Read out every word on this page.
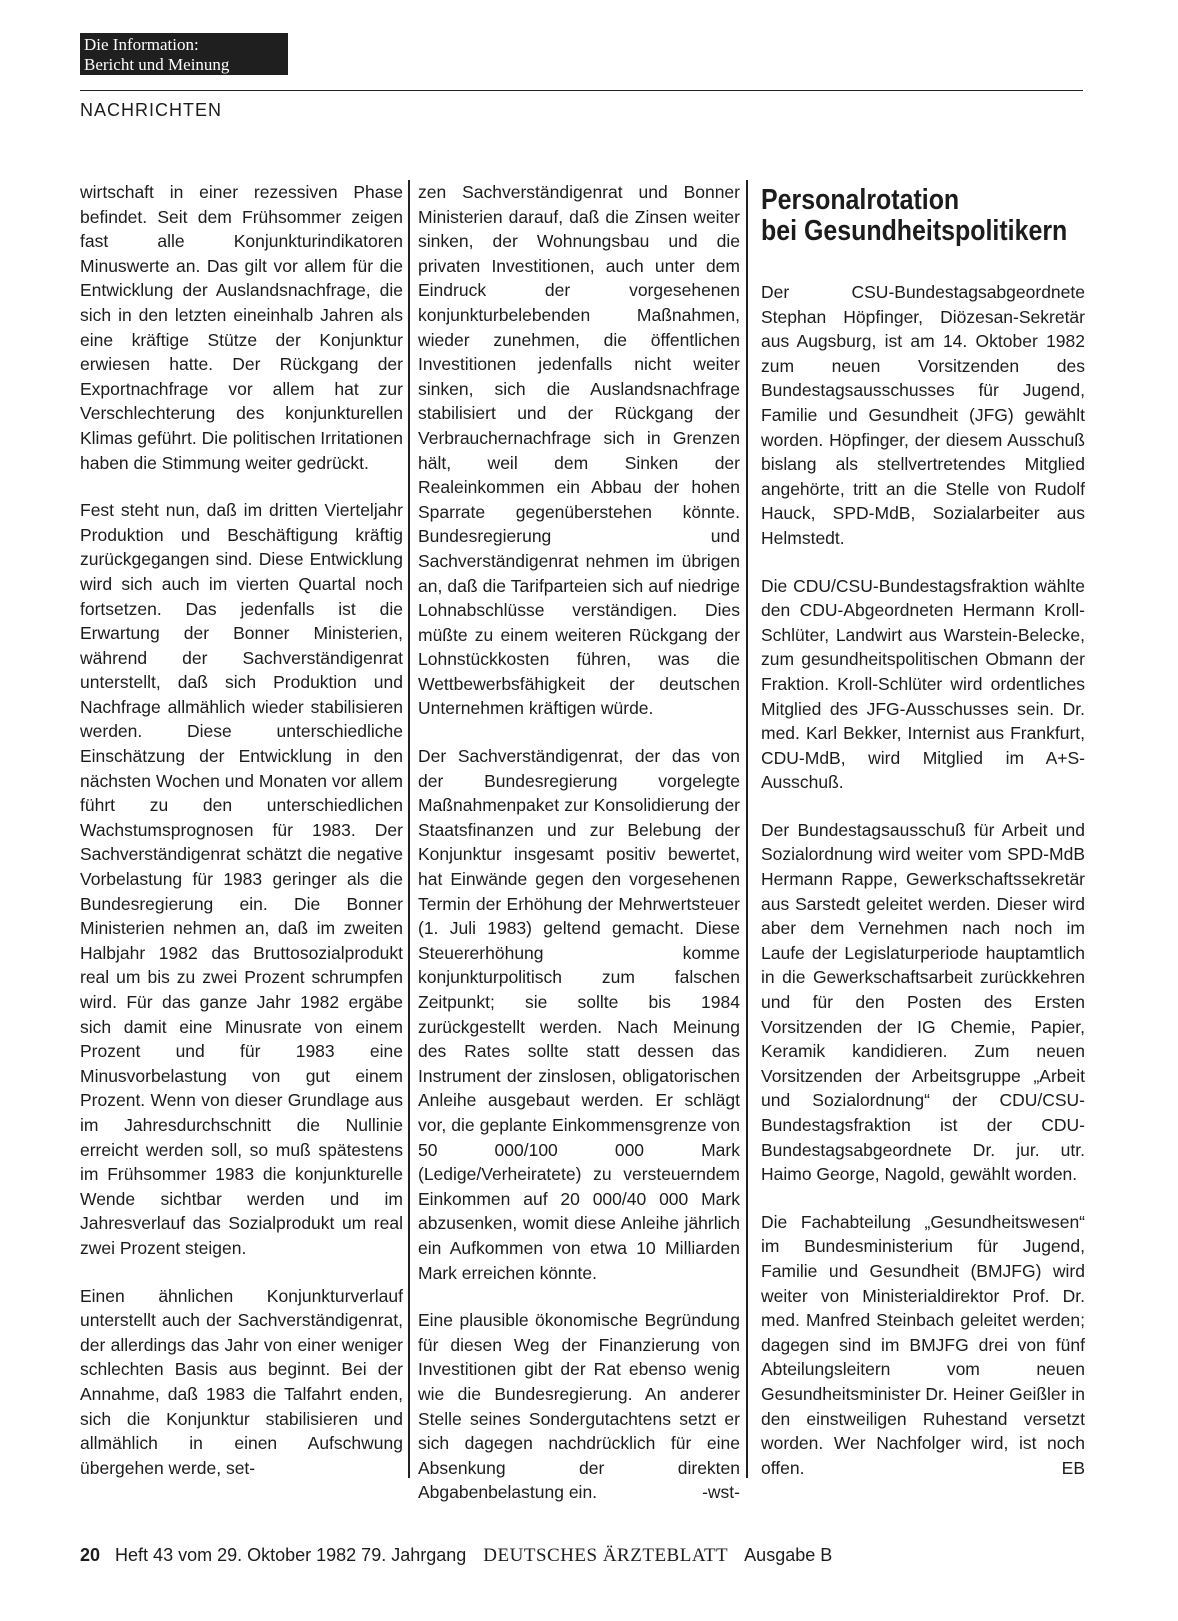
Die Information:
Bericht und Meinung
NACHRICHTEN

wirtschaft in einer rezessiven Phase befindet. Seit dem Frühsommer zeigen fast alle Konjunkturindikatoren Minuswerte an. Das gilt vor allem für die Entwicklung der Auslandsnachfrage, die sich in den letzten eineinhalb Jahren als eine kräftige Stütze der Konjunktur erwiesen hatte. Der Rückgang der Exportnachfrage vor allem hat zur Verschlechterung des konjunkturellen Klimas geführt. Die politischen Irritationen haben die Stimmung weiter gedrückt.

Fest steht nun, daß im dritten Vierteljahr Produktion und Beschäftigung kräftig zurückgegangen sind. Diese Entwicklung wird sich auch im vierten Quartal noch fortsetzen. Das jedenfalls ist die Erwartung der Bonner Ministerien, während der Sachverständigenrat unterstellt, daß sich Produktion und Nachfrage allmählich wieder stabilisieren werden. Diese unterschiedliche Einschätzung der Entwicklung in den nächsten Wochen und Monaten vor allem führt zu den unterschiedlichen Wachstumsprognosen für 1983. Der Sachverständigenrat schätzt die negative Vorbelastung für 1983 geringer als die Bundesregierung ein. Die Bonner Ministerien nehmen an, daß im zweiten Halbjahr 1982 das Bruttosozialprodukt real um bis zu zwei Prozent schrumpfen wird. Für das ganze Jahr 1982 ergäbe sich damit eine Minusrate von einem Prozent und für 1983 eine Minusvorbelastung von gut einem Prozent. Wenn von dieser Grundlage aus im Jahresdurchschnitt die Nullinie erreicht werden soll, so muß spätestens im Frühsommer 1983 die konjunkturelle Wende sichtbar werden und im Jahresverlauf das Sozialprodukt um real zwei Prozent steigen.

Einen ähnlichen Konjunkturverlauf unterstellt auch der Sachverständigenrat, der allerdings das Jahr von einer weniger schlechten Basis aus beginnt. Bei der Annahme, daß 1983 die Talfahrt enden, sich die Konjunktur stabilisieren und allmählich in einen Aufschwung übergehen werde, set-

zen Sachverständigenrat und Bonner Ministerien darauf, daß die Zinsen weiter sinken, der Wohnungsbau und die privaten Investitionen, auch unter dem Eindruck der vorgesehenen konjunkturbelebenden Maßnahmen, wieder zunehmen, die öffentlichen Investitionen jedenfalls nicht weiter sinken, sich die Auslandsnachfrage stabilisiert und der Rückgang der Verbrauchernachfrage sich in Grenzen hält, weil dem Sinken der Realeinkommen ein Abbau der hohen Sparrate gegenüberstehen könnte. Bundesregierung und Sachverständigenrat nehmen im übrigen an, daß die Tarifparteien sich auf niedrige Lohnabschlüsse verständigen. Dies müßte zu einem weiteren Rückgang der Lohnstückkosten führen, was die Wettbewerbsfähigkeit der deutschen Unternehmen kräftigen würde.

Der Sachverständigenrat, der das von der Bundesregierung vorgelegte Maßnahmenpaket zur Konsolidierung der Staatsfinanzen und zur Belebung der Konjunktur insgesamt positiv bewertet, hat Einwände gegen den vorgesehenen Termin der Erhöhung der Mehrwertsteuer (1. Juli 1983) geltend gemacht. Diese Steuererhöhung komme konjunkturpolitisch zum falschen Zeitpunkt; sie sollte bis 1984 zurückgestellt werden. Nach Meinung des Rates sollte statt dessen das Instrument der zinslosen, obligatorischen Anleihe ausgebaut werden. Er schlägt vor, die geplante Einkommensgrenze von 50 000/100 000 Mark (Ledige/Verheiratete) zu versteuerndem Einkommen auf 20 000/40 000 Mark abzusenken, womit diese Anleihe jährlich ein Aufkommen von etwa 10 Milliarden Mark erreichen könnte.

Eine plausible ökonomische Begründung für diesen Weg der Finanzierung von Investitionen gibt der Rat ebenso wenig wie die Bundesregierung. An anderer Stelle seines Sondergutachtens setzt er sich dagegen nachdrücklich für eine Absenkung der direkten Abgabenbelastung ein.	-wst-

Personalrotation
bei Gesundheitspolitikern

Der CSU-Bundestagsabgeordnete Stephan Höpfinger, Diözesan-Sekretär aus Augsburg, ist am 14. Oktober 1982 zum neuen Vorsitzenden des Bundestagsausschusses für Jugend, Familie und Gesundheit (JFG) gewählt worden. Höpfinger, der diesem Ausschuß bislang als stellvertretendes Mitglied angehörte, tritt an die Stelle von Rudolf Hauck, SPD-MdB, Sozialarbeiter aus Helmstedt.

Die CDU/CSU-Bundestagsfraktion wählte den CDU-Abgeordneten Hermann Kroll-Schlüter, Landwirt aus Warstein-Belecke, zum gesundheitspolitischen Obmann der Fraktion. Kroll-Schlüter wird ordentliches Mitglied des JFG-Ausschusses sein. Dr. med. Karl Bekker, Internist aus Frankfurt, CDU-MdB, wird Mitglied im A+S-Ausschuß.

Der Bundestagsausschuß für Arbeit und Sozialordnung wird weiter vom SPD-MdB Hermann Rappe, Gewerkschaftssekretär aus Sarstedt geleitet werden. Dieser wird aber dem Vernehmen nach noch im Laufe der Legislaturperiode hauptamtlich in die Gewerkschaftsarbeit zurückkehren und für den Posten des Ersten Vorsitzenden der IG Chemie, Papier, Keramik kandidieren. Zum neuen Vorsitzenden der Arbeitsgruppe „Arbeit und Sozialordnung“ der CDU/CSU-Bundestagsfraktion ist der CDU-Bundestagsabgeordnete Dr. jur. utr. Haimo George, Nagold, gewählt worden.

Die Fachabteilung „Gesundheitswesen“ im Bundesministerium für Jugend, Familie und Gesundheit (BMJFG) wird weiter von Ministerialdirektor Prof. Dr. med. Manfred Steinbach geleitet werden; dagegen sind im BMJFG drei von fünf Abteilungsleitern vom neuen Gesundheitsminister Dr. Heiner Geißler in den einstweiligen Ruhestand versetzt worden. Wer Nachfolger wird, ist noch offen.	EB

20 Heft 43 vom 29. Oktober 1982 79. Jahrgang DEUTSCHES ÄRZTEBLATT Ausgabe B
